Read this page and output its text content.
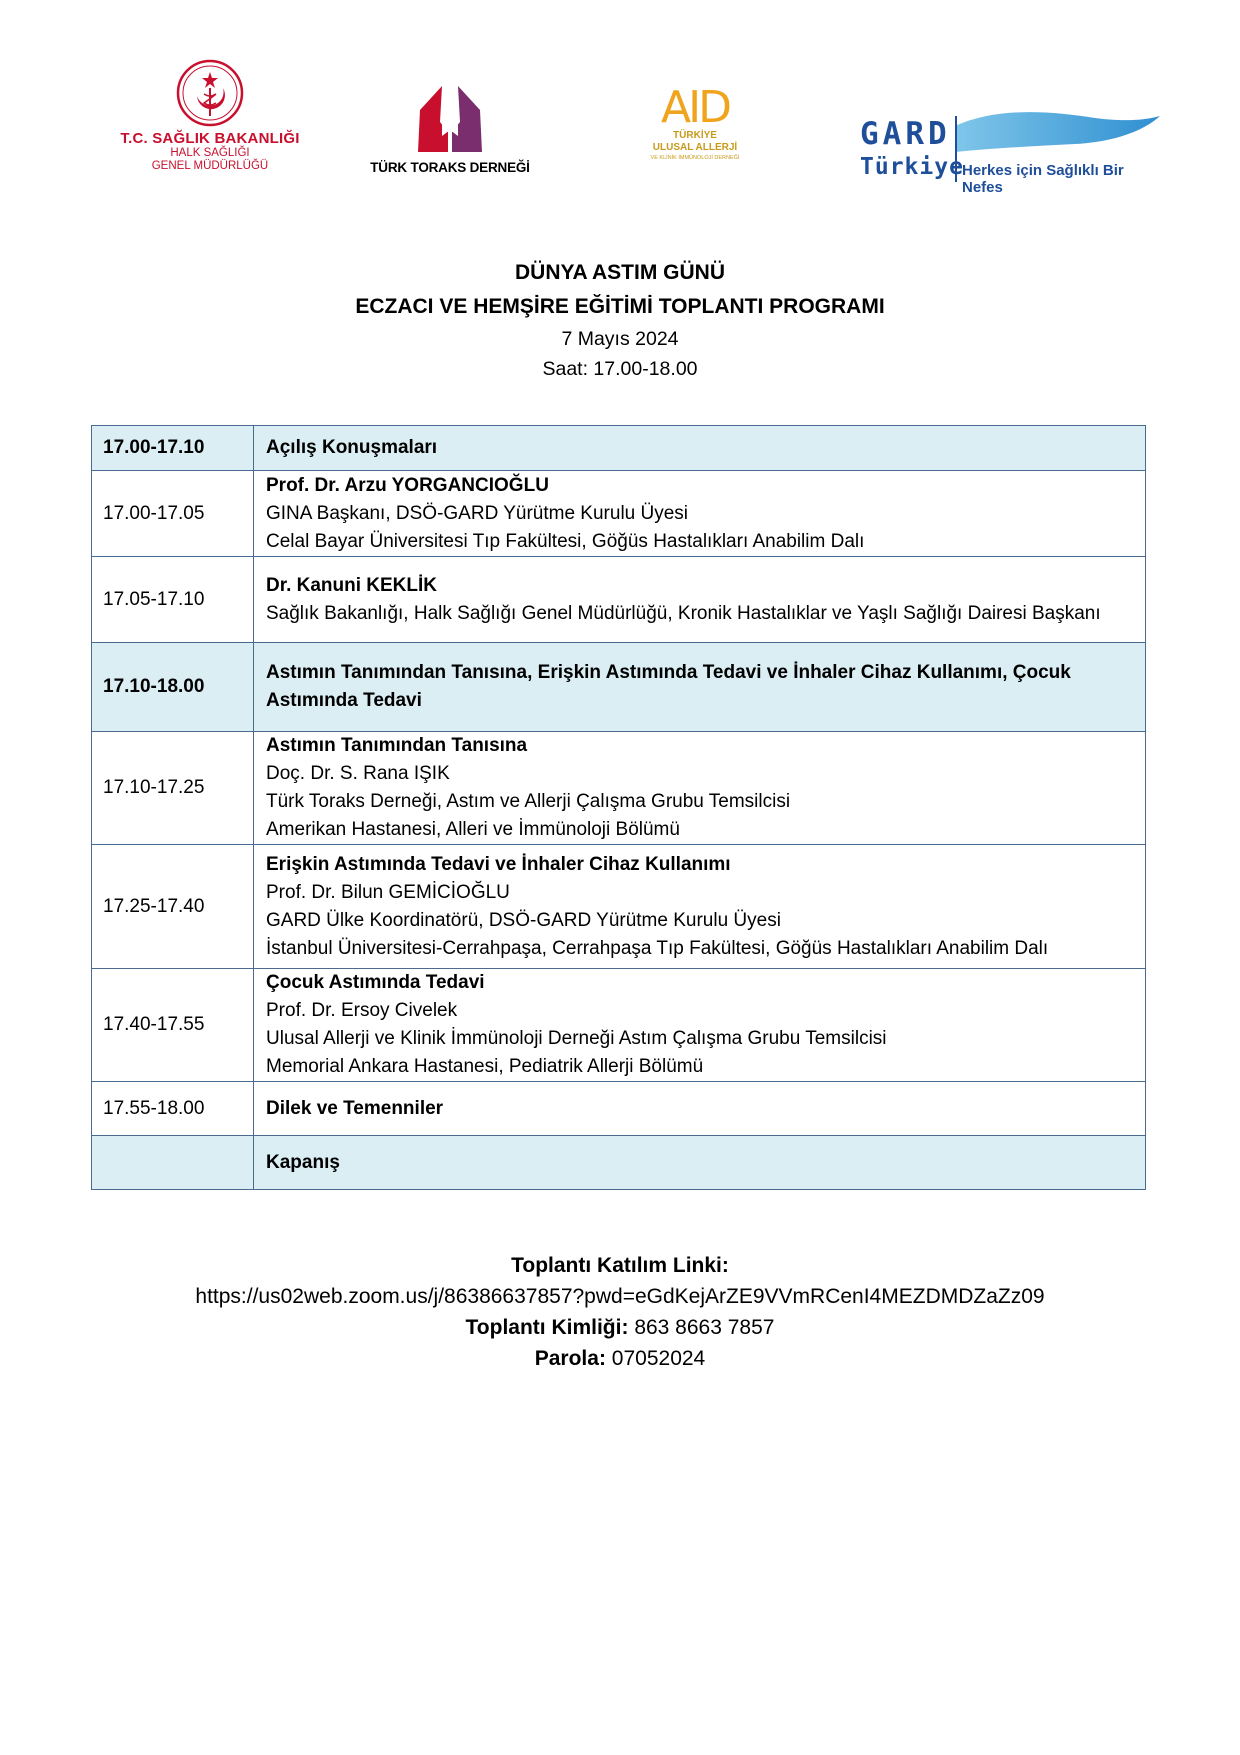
T.C. SAĞLIK BAKANLIĞI
HALK SAĞLIĞI
GENEL MÜDÜRLÜĞÜ	TÜRK TORAKS DERNEĞİ
AID
TÜRKİYE
ULUSAL ALLERJİ
VE KLİNİK İMMÜNOLOJİ DERNEĞİ
GARD
Türkiye
Herkes için Sağlıklı Bir Nefes
DÜNYA ASTIM GÜNÜ
ECZACI VE HEMŞİRE EĞİTİMİ TOPLANTI PROGRAMI
7 Mayıs 2024
Saat: 17.00-18.00
17.00-17.10	Açılış Konuşmaları
17.00-17.05	Prof. Dr. Arzu YORGANCIOĞLU
GINA Başkanı, DSÖ-GARD Yürütme Kurulu Üyesi
Celal Bayar Üniversitesi Tıp Fakültesi, Göğüs Hastalıkları Anabilim Dalı

17.05-17.10	Dr. Kanuni KEKLİK
Sağlık Bakanlığı, Halk Sağlığı Genel Müdürlüğü, Kronik Hastalıklar ve Yaşlı Sağlığı Dairesi Başkanı

17.10-18.00	Astımın Tanımından Tanısına, Erişkin Astımında Tedavi ve İnhaler Cihaz Kullanımı, Çocuk Astımında Tedavi
17.10-17.25	Astımın Tanımından Tanısına
Doç. Dr. S. Rana IŞIK
Türk Toraks Derneği, Astım ve Allerji Çalışma Grubu Temsilcisi
Amerikan Hastanesi, Alleri ve İmmünoloji Bölümü

17.25-17.40	Erişkin Astımında Tedavi ve İnhaler Cihaz Kullanımı
Prof. Dr. Bilun GEMİCİOĞLU
GARD Ülke Koordinatörü, DSÖ-GARD Yürütme Kurulu Üyesi
İstanbul Üniversitesi-Cerrahpaşa, Cerrahpaşa Tıp Fakültesi, Göğüs Hastalıkları Anabilim Dalı

17.40-17.55	Çocuk Astımında Tedavi
Prof. Dr. Ersoy Civelek
Ulusal Allerji ve Klinik İmmünoloji Derneği Astım Çalışma Grubu Temsilcisi
Memorial Ankara Hastanesi, Pediatrik Allerji Bölümü

17.55-18.00	Dilek ve Temenniler
	Kapanış
Toplantı Katılım Linki:
https://us02web.zoom.us/j/86386637857?pwd=eGdKejArZE9VVmRCenI4MEZDMDZaZz09
Toplantı Kimliği: 863 8663 7857
Parola: 07052024
